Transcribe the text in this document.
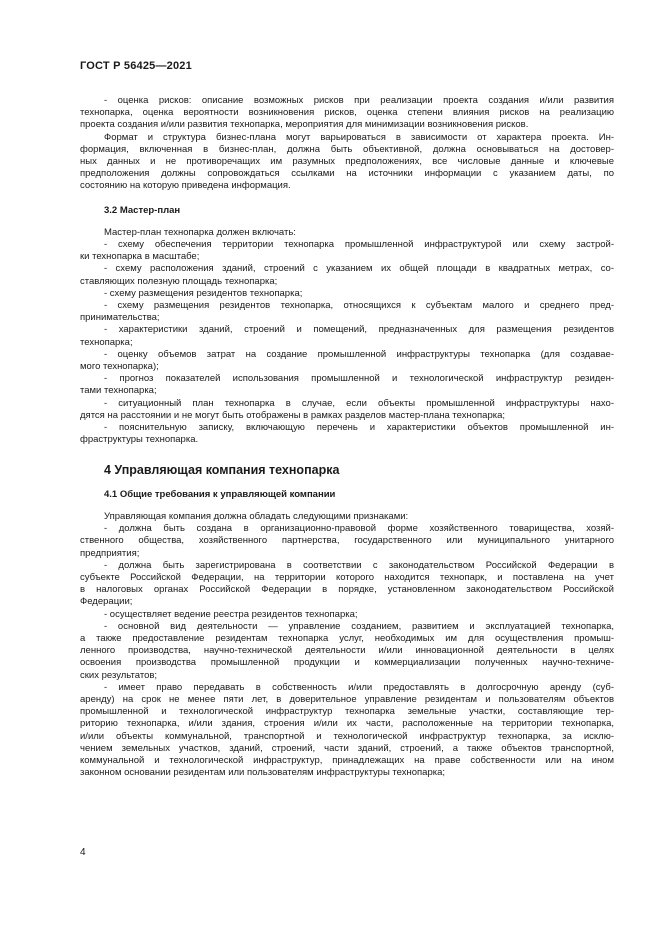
ГОСТ Р 56425—2021
- оценка рисков: описание возможных рисков при реализации проекта создания и/или развития
технопарка, оценка вероятности возникновения рисков, оценка степени влияния рисков на реализацию
проекта создания и/или развития технопарка, мероприятия для минимизации возникновения рисков.
Формат и структура бизнес-плана могут варьироваться в зависимости от характера проекта. Ин-
формация, включенная в бизнес-план, должна быть объективной, должна основываться на достовер-
ных данных и не противоречащих им разумных предположениях, все числовые данные и ключевые
предположения должны сопровождаться ссылками на источники информации с указанием даты, по
состоянию на которую приведена информация.
3.2 Мастер-план
Мастер-план технопарка должен включать:
- схему обеспечения территории технопарка промышленной инфраструктурой или схему застрой-
ки технопарка в масштабе;
- схему расположения зданий, строений с указанием их общей площади в квадратных метрах, со-
ставляющих полезную площадь технопарка;
- схему размещения резидентов технопарка;
- схему размещения резидентов технопарка, относящихся к субъектам малого и среднего пред-
принимательства;
- характеристики зданий, строений и помещений, предназначенных для размещения резидентов
технопарка;
- оценку объемов затрат на создание промышленной инфраструктуры технопарка (для создавае-
мого технопарка);
- прогноз показателей использования промышленной и технологической инфраструктур резиден-
тами технопарка;
- ситуационный план технопарка в случае, если объекты промышленной инфраструктуры нахо-
дятся на расстоянии и не могут быть отображены в рамках разделов мастер-плана технопарка;
- пояснительную записку, включающую перечень и характеристики объектов промышленной ин-
фраструктуры технопарка.
4 Управляющая компания технопарка
4.1 Общие требования к управляющей компании
Управляющая компания должна обладать следующими признаками:
- должна быть создана в организационно-правовой форме хозяйственного товарищества, хозяй-
ственного общества, хозяйственного партнерства, государственного или муниципального унитарного
предприятия;
- должна быть зарегистрирована в соответствии с законодательством Российской Федерации в
субъекте Российской Федерации, на территории которого находится технопарк, и поставлена на учет
в налоговых органах Российской Федерации в порядке, установленном законодательством Российской
Федерации;
- осуществляет ведение реестра резидентов технопарка;
- основной вид деятельности — управление созданием, развитием и эксплуатацией технопарка,
а также предоставление резидентам технопарка услуг, необходимых им для осуществления промыш-
ленного производства, научно-технической деятельности и/или инновационной деятельности в целях
освоения производства промышленной продукции и коммерциализации полученных научно-техниче-
ских результатов;
- имеет право передавать в собственность и/или предоставлять в долгосрочную аренду (суб-
аренду) на срок не менее пяти лет, в доверительное управление резидентам и пользователям объектов
промышленной и технологической инфраструктур технопарка земельные участки, составляющие тер-
риторию технопарка, и/или здания, строения и/или их части, расположенные на территории технопарка,
и/или объекты коммунальной, транспортной и технологической инфраструктур технопарка, за исклю-
чением земельных участков, зданий, строений, части зданий, строений, а также объектов транспортной,
коммунальной и технологической инфраструктур, принадлежащих на праве собственности или на ином
законном основании резидентам или пользователям инфраструктуры технопарка;
4
